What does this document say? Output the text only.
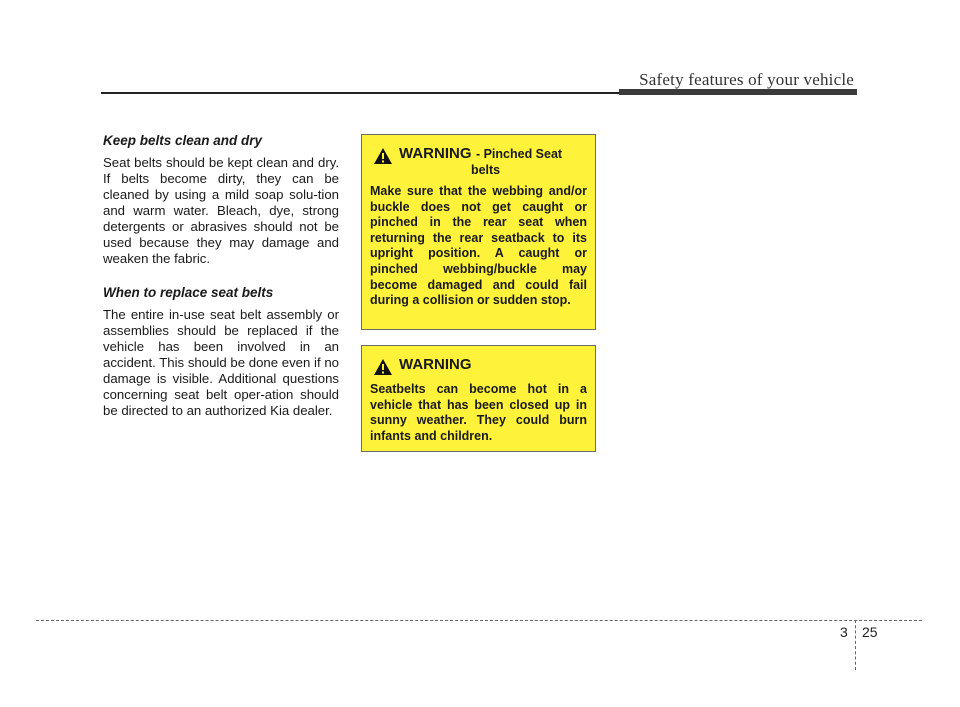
Safety features of your vehicle
Keep belts clean and dry

Seat belts should be kept clean and dry. If belts become dirty, they can be cleaned by using a mild soap solu-tion and warm water. Bleach, dye, strong detergents or abrasives should not be used because they may damage and weaken the fabric.

When to replace seat belts

The entire in-use seat belt assembly or assemblies should be replaced if the vehicle has been involved in an accident. This should be done even if no damage is visible. Additional questions concerning seat belt oper-ation should be directed to an authorized Kia dealer.

WARNING - Pinched Seat
belts

Make sure that the webbing and/or buckle does not get caught or pinched in the rear seat when returning the rear seatback to its upright position. A caught or pinched webbing/buckle may become damaged and could fail during a collision or sudden stop.

WARNING

Seatbelts can become hot in a vehicle that has been closed up in sunny weather. They could burn infants and children.

3 25
